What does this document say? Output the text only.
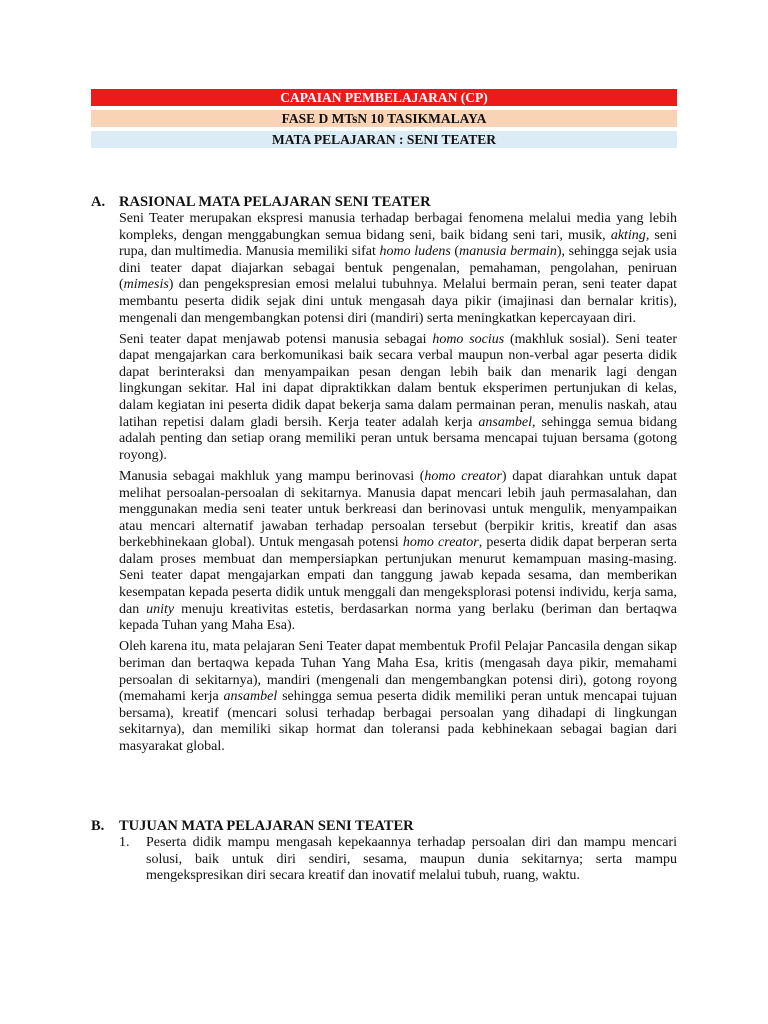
CAPAIAN PEMBELAJARAN (CP)
FASE D MTsN 10 TASIKMALAYA
MATA PELAJARAN : SENI TEATER
A. RASIONAL MATA PELAJARAN SENI TEATER

Seni Teater merupakan ekspresi manusia terhadap berbagai fenomena melalui media yang lebih kompleks, dengan menggabungkan semua bidang seni, baik bidang seni tari, musik, akting, seni rupa, dan multimedia. Manusia memiliki sifat homo ludens (manusia bermain), sehingga sejak usia dini teater dapat diajarkan sebagai bentuk pengenalan, pemahaman, pengolahan, peniruan (mimesis) dan pengekspresian emosi melalui tubuhnya. Melalui bermain peran, seni teater dapat membantu peserta didik sejak dini untuk mengasah daya pikir (imajinasi dan bernalar kritis), mengenali dan mengembangkan potensi diri (mandiri) serta meningkatkan kepercayaan diri.

Seni teater dapat menjawab potensi manusia sebagai homo socius (makhluk sosial). Seni teater dapat mengajarkan cara berkomunikasi baik secara verbal maupun non-verbal agar peserta didik dapat berinteraksi dan menyampaikan pesan dengan lebih baik dan menarik lagi dengan lingkungan sekitar. Hal ini dapat dipraktikkan dalam bentuk eksperimen pertunjukan di kelas, dalam kegiatan ini peserta didik dapat bekerja sama dalam permainan peran, menulis naskah, atau latihan repetisi dalam gladi bersih. Kerja teater adalah kerja ansambel, sehingga semua bidang adalah penting dan setiap orang memiliki peran untuk bersama mencapai tujuan bersama (gotong royong).

Manusia sebagai makhluk yang mampu berinovasi (homo creator) dapat diarahkan untuk dapat melihat persoalan-persoalan di sekitarnya. Manusia dapat mencari lebih jauh permasalahan, dan menggunakan media seni teater untuk berkreasi dan berinovasi untuk mengulik, menyampaikan atau mencari alternatif jawaban terhadap persoalan tersebut (berpikir kritis, kreatif dan asas berkebhinekaan global). Untuk mengasah potensi homo creator, peserta didik dapat berperan serta dalam proses membuat dan mempersiapkan pertunjukan menurut kemampuan masing-masing. Seni teater dapat mengajarkan empati dan tanggung jawab kepada sesama, dan memberikan kesempatan kepada peserta didik untuk menggali dan mengeksplorasi potensi individu, kerja sama, dan unity menuju kreativitas estetis, berdasarkan norma yang berlaku (beriman dan bertaqwa kepada Tuhan yang Maha Esa).

Oleh karena itu, mata pelajaran Seni Teater dapat membentuk Profil Pelajar Pancasila dengan sikap beriman dan bertaqwa kepada Tuhan Yang Maha Esa, kritis (mengasah daya pikir, memahami persoalan di sekitarnya), mandiri (mengenali dan mengembangkan potensi diri), gotong royong (memahami kerja ansambel sehingga semua peserta didik memiliki peran untuk mencapai tujuan bersama), kreatif (mencari solusi terhadap berbagai persoalan yang dihadapi di lingkungan sekitarnya), dan memiliki sikap hormat dan toleransi pada kebhinekaan sebagai bagian dari masyarakat global.

B.	TUJUAN MATA PELAJARAN SENI TEATER
1.	Peserta didik mampu mengasah kepekaannya terhadap persoalan diri dan mampu mencari solusi, baik untuk diri sendiri, sesama, maupun dunia sekitarnya; serta mampu mengekspresikan diri secara kreatif dan inovatif melalui tubuh, ruang, waktu.
